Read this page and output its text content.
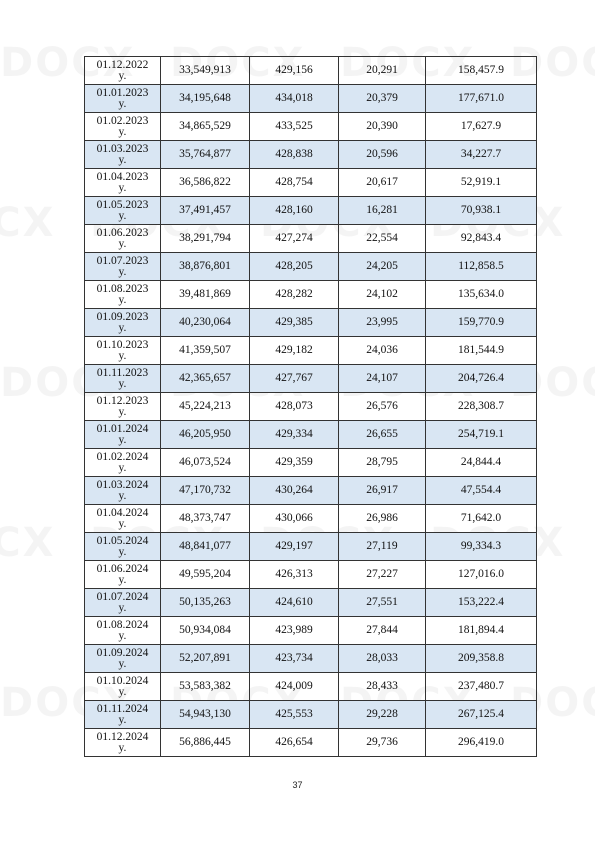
01.12.2022
y.	33,549,913	429,156	20,291	158,457.9

01.01.2023
y.	34,195,648	434,018	20,379	177,671.0

01.02.2023
y.	34,865,529	433,525	20,390	17,627.9

01.03.2023
y.	35,764,877	428,838	20,596	34,227.7

01.04.2023
y.	36,586,822	428,754	20,617	52,919.1

01.05.2023
y.	37,491,457	428,160	16,281	70,938.1

01.06.2023
y.	38,291,794	427,274	22,554	92,843.4

01.07.2023
y.	38,876,801	428,205	24,205	112,858.5

01.08.2023
y.	39,481,869	428,282	24,102	135,634.0

01.09.2023
y.	40,230,064	429,385	23,995	159,770.9

01.10.2023
y.	41,359,507	429,182	24,036	181,544.9

01.11.2023
y.	42,365,657	427,767	24,107	204,726.4

01.12.2023
y.	45,224,213	428,073	26,576	228,308.7

01.01.2024
y.	46,205,950	429,334	26,655	254,719.1

01.02.2024
y.	46,073,524	429,359	28,795	24,844.4

01.03.2024
y.	47,170,732	430,264	26,917	47,554.4

01.04.2024
y.	48,373,747	430,066	26,986	71,642.0

01.05.2024
y.	48,841,077	429,197	27,119	99,334.3

01.06.2024
y.	49,595,204	426,313	27,227	127,016.0

01.07.2024
y.	50,135,263	424,610	27,551	153,222.4

01.08.2024
y.	50,934,084	423,989	27,844	181,894.4

01.09.2024
y.	52,207,891	423,734	28,033	209,358.8

01.10.2024
y.	53,583,382	424,009	28,433	237,480.7

01.11.2024
y.	54,943,130	425,553	29,228	267,125.4

01.12.2024
y.	56,886,445	426,654	29,736	296,419.0
37
